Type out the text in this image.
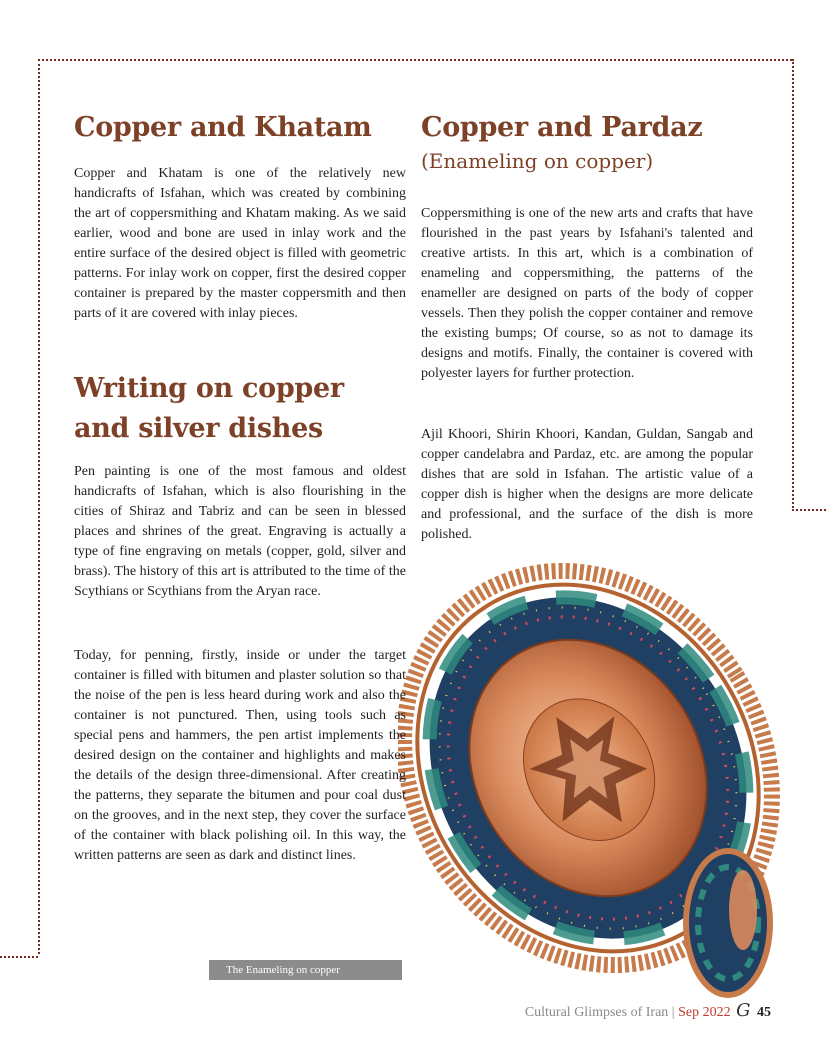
Copper and Khatam

Copper and Khatam is one of the relatively new handicrafts of Isfahan, which was created by combining the art of coppersmithing and Khatam making. As we said earlier, wood and bone are used in inlay work and the entire surface of the desired object is filled with geometric patterns. For inlay work on copper, first the desired copper container is prepared by the master coppersmith and then parts of it are covered with inlay pieces.

Writing on copper and silver dishes

Pen painting is one of the most famous and oldest handicrafts of Isfahan, which is also flourishing in the cities of Shiraz and Tabriz and can be seen in blessed places and shrines of the great. Engraving is actually a type of fine engraving on metals (copper, gold, silver and brass). The history of this art is attributed to the time of the Scythians or Scythians from the Aryan race.

Copper and Pardaz
(Enameling on copper)

Coppersmithing is one of the new arts and crafts that have flourished in the past years by Isfahani's talented and creative artists. In this art, which is a combination of enameling and coppersmithing, the patterns of the enameller are designed on parts of the body of copper vessels. Then they polish the copper container and remove the existing bumps; Of course, so as not to damage its designs and motifs. Finally, the container is covered with polyester layers for further protection.

Ajil Khoori, Shirin Khoori, Kandan, Guldan, Sangab and copper candelabra and Pardaz, etc. are among the popular dishes that are sold in Isfahan. The artistic value of a copper dish is higher when the designs are more delicate and professional, and the surface of the dish is more polished.

Today, for penning, firstly, inside or under the target container is filled with bitumen and plaster solution so that the noise of the pen is less heard during work and also the container is not punctured. Then, using tools such as special pens and hammers, the pen artist implements the desired design on the container and highlights and makes the details of the design three-dimensional. After creating the patterns, they separate the bitumen and pour coal dust on the grooves, and in the next step, they cover the surface of the container with black polishing oil. In this way, the written patterns are seen as dark and distinct lines.

The Enameling on copper
Cultural Glimpses of Iran | Sep 2022 G 45
